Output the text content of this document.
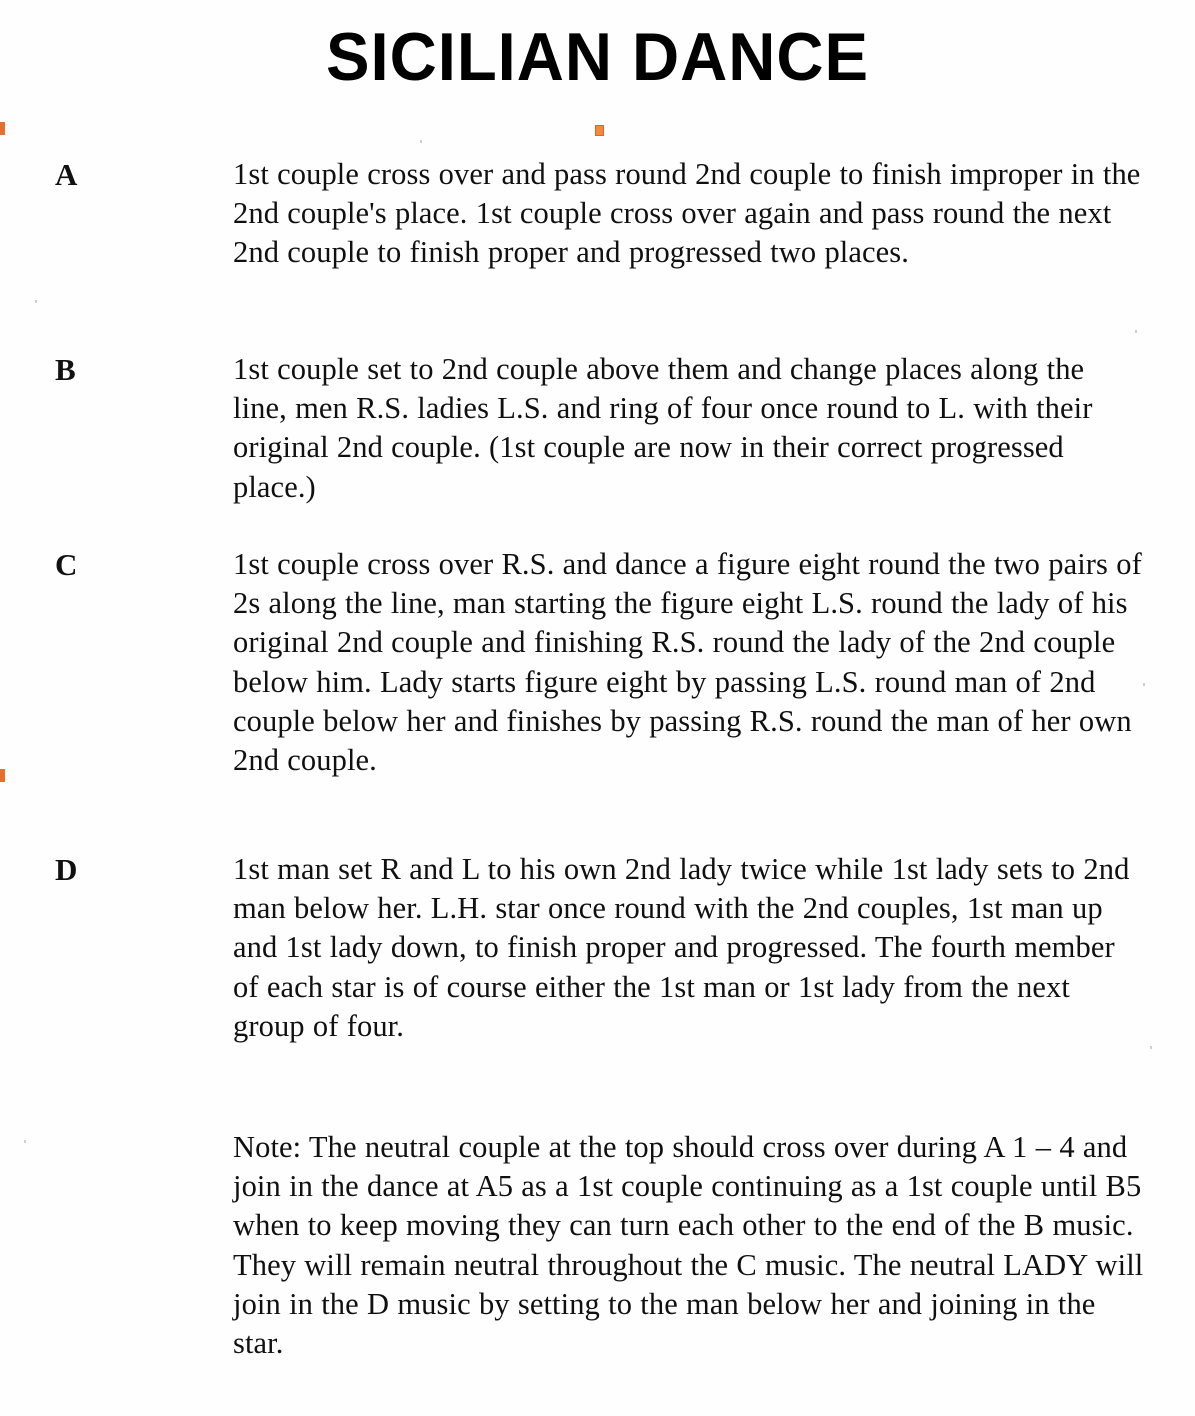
SICILIAN DANCE
A	1st couple cross over and pass round 2nd couple to finish improper in the 2nd couple's place. 1st couple cross over again and pass round the next 2nd couple to finish proper and progressed two places.
B	1st couple set to 2nd couple above them and change places along the line, men R.S. ladies L.S. and ring of four once round to L. with their original 2nd couple. (1st couple are now in their correct progressed place.)
C	1st couple cross over R.S. and dance a figure eight round the two pairs of 2s along the line, man starting the figure eight L.S. round the lady of his original 2nd couple and finishing R.S. round the lady of the 2nd couple below him. Lady starts figure eight by passing L.S. round man of 2nd couple below her and finishes by passing R.S. round the man of her own 2nd couple.
D	1st man set R and L to his own 2nd lady twice while 1st lady sets to 2nd man below her. L.H. star once round with the 2nd couples, 1st man up and 1st lady down, to finish proper and progressed. The fourth member of each star is of course either the 1st man or 1st lady from the next group of four.
Note: The neutral couple at the top should cross over during A 1 – 4 and join in the dance at A5 as a 1st couple continuing as a 1st couple until B5 when to keep moving they can turn each other to the end of the B music. They will remain neutral throughout the C music. The neutral LADY will join in the D music by setting to the man below her and joining in the star.
